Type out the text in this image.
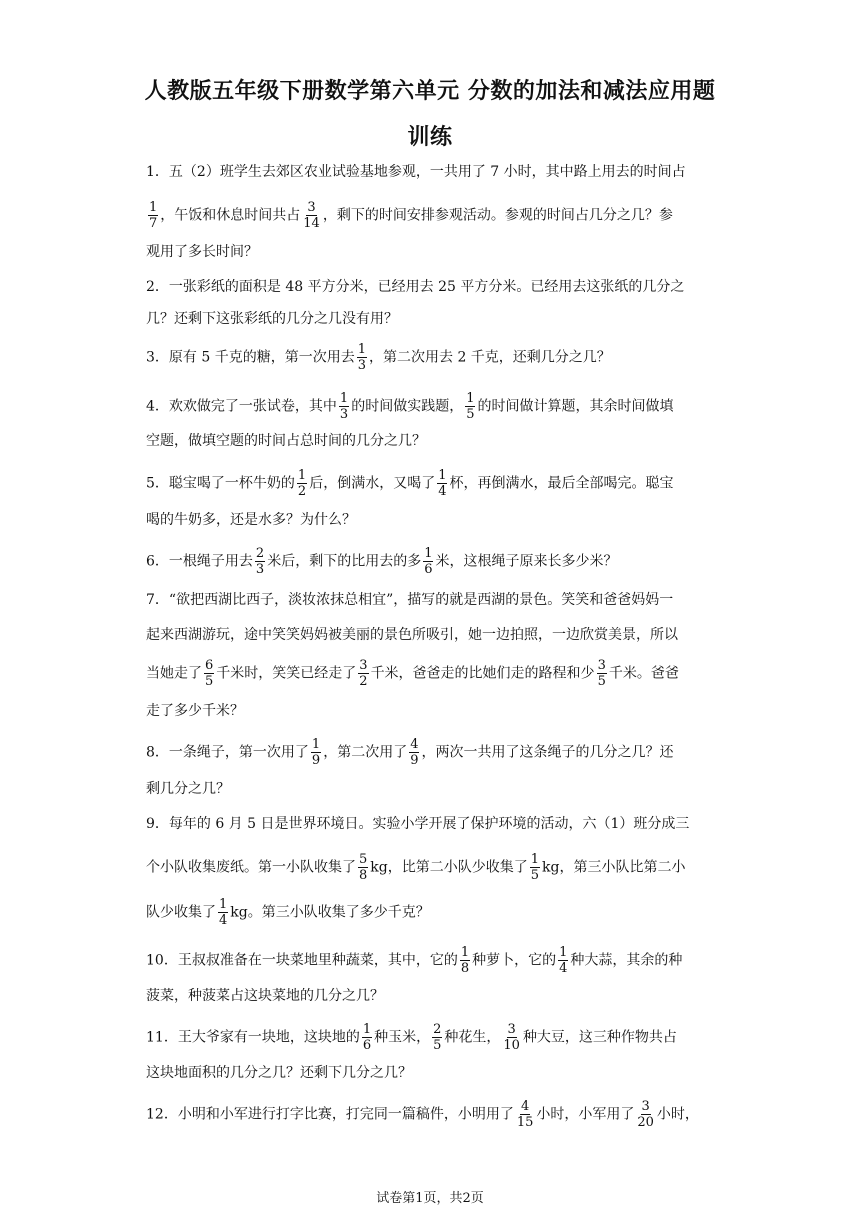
人教版五年级下册数学第六单元 分数的加法和减法应用题
训练
1．五（2）班学生去郊区农业试验基地参观，一共用了 7 小时，其中路上用去的时间占
$\frac{1}{7}$ ，午饭和休息时间共占 $\frac{3}{14}$ ，剩下的时间安排参观活动。参观的时间占几分之几？参
观用了多长时间？
2．一张彩纸的面积是 48 平方分米，已经用去 25 平方分米。已经用去这张纸的几分之
几？还剩下这张彩纸的几分之几没有用？
3．原有 5 千克的糖，第一次用去 $\frac{1}{3}$ ，第二次用去 2 千克，还剩几分之几？
4．欢欢做完了一张试卷，其中 $\frac{1}{3}$ 的时间做实践题， $\frac{1}{5}$ 的时间做计算题，其余时间做填
空题，做填空题的时间占总时间的几分之几？
5．聪宝喝了一杯牛奶的 $\frac{1}{2}$ 后，倒满水，又喝了 $\frac{1}{4}$ 杯，再倒满水，最后全部喝完。聪宝
喝的牛奶多，还是水多？为什么？
6．一根绳子用去 $\frac{2}{3}$ 米后，剩下的比用去的多 $\frac{1}{6}$ 米，这根绳子原来长多少米？
7．“欲把西湖比西子，淡妆浓抹总相宜”，描写的就是西湖的景色。笑笑和爸爸妈妈一
起来西湖游玩，途中笑笑妈妈被美丽的景色所吸引，她一边拍照，一边欣赏美景，所以
当她走了 $\frac{6}{5}$ 千米时，笑笑已经走了 $\frac{3}{2}$ 千米，爸爸走的比她们走的路程和少 $\frac{3}{5}$ 千米。爸爸
走了多少千米？
8．一条绳子，第一次用了 $\frac{1}{9}$ ，第二次用了 $\frac{4}{9}$ ，两次一共用了这条绳子的几分之几？还
剩几分之几？
9．每年的 6 月 5 日是世界环境日。实验小学开展了保护环境的活动，六（1）班分成三
个小队收集废纸。第一小队收集了 $\frac{5}{8}$ kg，比第二小队少收集了 $\frac{1}{5}$ kg，第三小队比第二小
队少收集了 $\frac{1}{4}$ kg。第三小队收集了多少千克？
10．王叔叔准备在一块菜地里种蔬菜，其中，它的 $\frac{1}{8}$ 种萝卜，它的 $\frac{1}{4}$ 种大蒜，其余的种
菠菜，种菠菜占这块菜地的几分之几？
11．王大爷家有一块地，这块地的 $\frac{1}{6}$ 种玉米， $\frac{2}{5}$ 种花生， $\frac{3}{10}$ 种大豆，这三种作物共占
这块地面积的几分之几？还剩下几分之几？
12．小明和小军进行打字比赛，打完同一篇稿件，小明用了 $\frac{4}{15}$ 小时，小军用了 $\frac{3}{20}$ 小时，
试卷第1页，共2页
